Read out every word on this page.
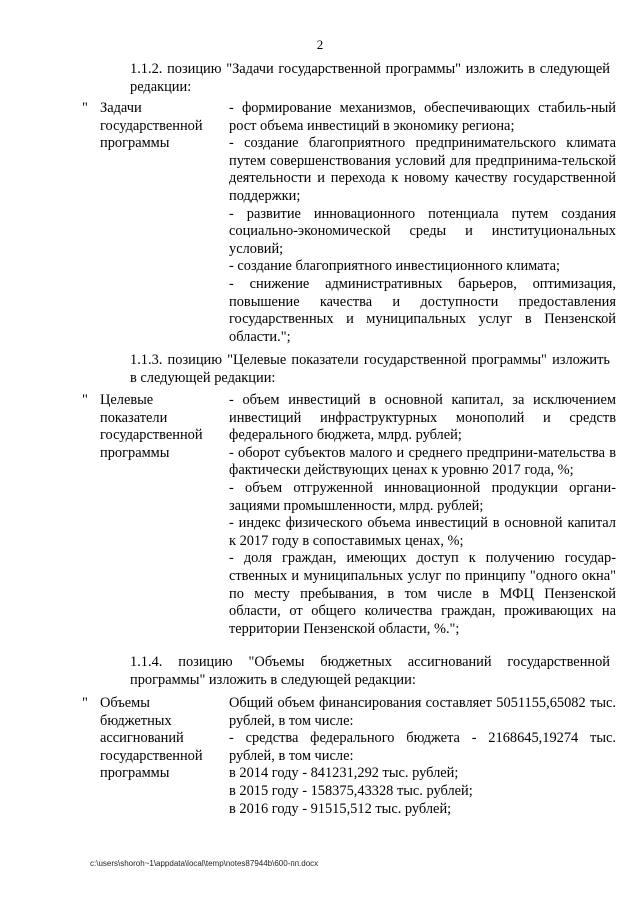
2
1.1.2. позицию "Задачи государственной программы" изложить в следующей редакции:
" Задачи
государственной
программы
- формирование механизмов, обеспечивающих стабиль-ный рост объема инвестиций в экономику региона;
- создание благоприятного предпринимательского климата путем совершенствования условий для предпринима-тельской деятельности и перехода к новому качеству государственной поддержки;
- развитие инновационного потенциала путем создания социально-экономической среды и институциональных условий;
- создание благоприятного инвестиционного климата;
- снижение административных барьеров, оптимизация, повышение качества и доступности предоставления государственных и муниципальных услуг в Пензенской области.";
1.1.3. позицию "Целевые показатели государственной программы" изложить в следующей редакции:
" Целевые
показатели
государственной
программы
- объем инвестиций в основной капитал, за исключением инвестиций инфраструктурных монополий и средств федерального бюджета, млрд. рублей;
- оборот субъектов малого и среднего предприни-мательства в фактически действующих ценах к уровню 2017 года, %;
- объем отгруженной инновационной продукции органи-зациями промышленности, млрд. рублей;
- индекс физического объема инвестиций в основной капитал к 2017 году в сопоставимых ценах, %;
- доля граждан, имеющих доступ к получению государ-ственных и муниципальных услуг по принципу "одного окна" по месту пребывания, в том числе в МФЦ Пензенской области, от общего количества граждан, проживающих на территории Пензенской области, %.";
1.1.4. позицию "Объемы бюджетных ассигнований государственной программы" изложить в следующей редакции:
" Объемы
бюджетных
ассигнований
государственной
программы
Общий объем финансирования составляет 5051155,65082 тыс. рублей, в том числе:
- средства федерального бюджета - 2168645,19274 тыс. рублей, в том числе:
в 2014 году - 841231,292 тыс. рублей;
в 2015 году - 158375,43328 тыс. рублей;
в 2016 году - 91515,512 тыс. рублей;
c:\users\shoroh~1\appdata\local\temp\notes87944b\600-пп.docx
